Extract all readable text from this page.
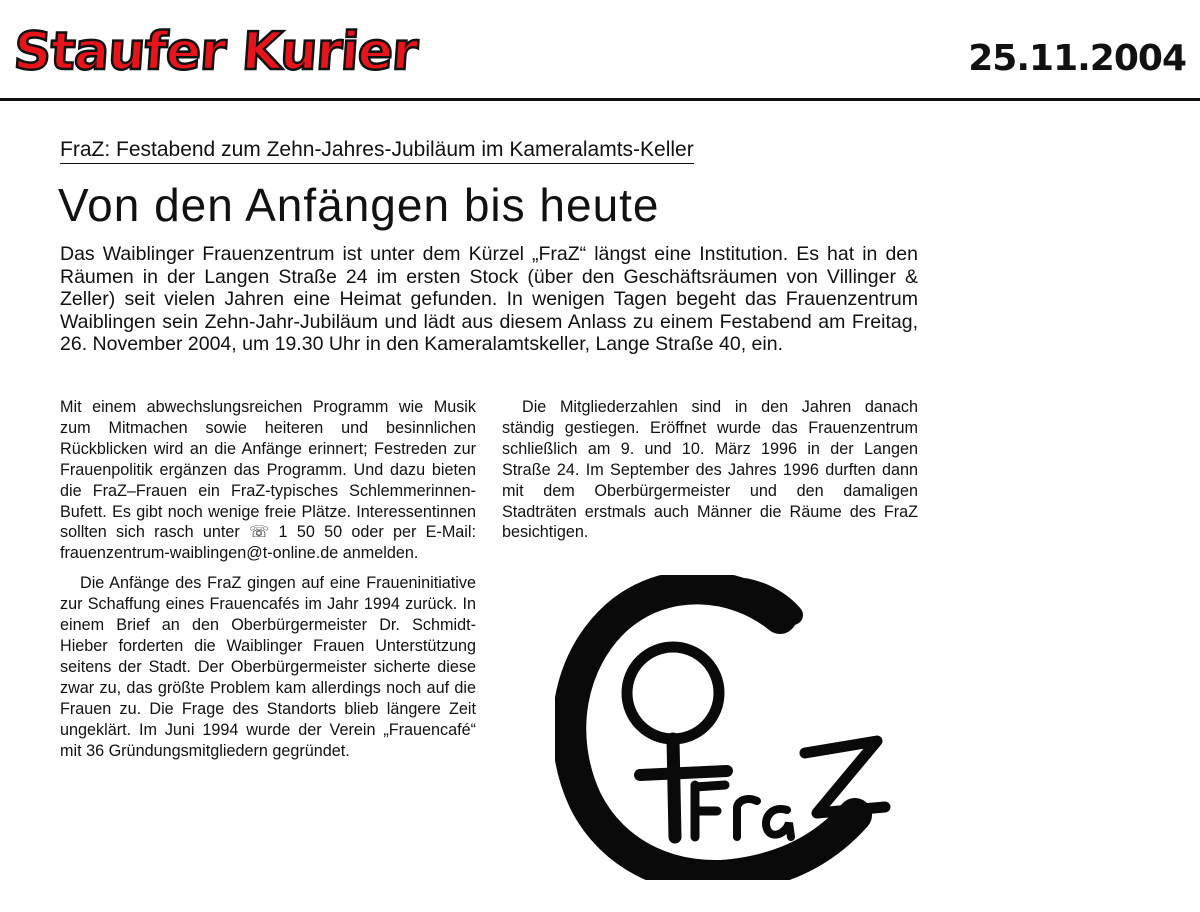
Staufer Kurier	25.11.2004
FraZ: Festabend zum Zehn-Jahres-Jubiläum im Kameralamts-Keller
Von den Anfängen bis heute
Das Waiblinger Frauenzentrum ist unter dem Kürzel „FraZ“ längst eine Institution. Es hat in den Räumen in der Langen Straße 24 im ersten Stock (über den Geschäftsräumen von Villinger & Zeller) seit vielen Jahren eine Heimat gefunden. In wenigen Tagen begeht das Frauenzentrum Waiblingen sein Zehn-Jahr-Jubiläum und lädt aus diesem Anlass zu einem Festabend am Freitag, 26. November 2004, um 19.30 Uhr in den Kameralamtskeller, Lange Straße 40, ein.

Mit einem abwechslungsreichen Programm wie Musik zum Mitmachen sowie heiteren und besinnlichen Rückblicken wird an die Anfänge erinnert; Festreden zur Frauenpolitik ergänzen das Programm. Und dazu bieten die FraZ–Frauen ein FraZ-typisches Schlemmerinnen-Bufett. Es gibt noch wenige freie Plätze. Interessentinnen sollten sich rasch unter ☏ 1 50 50 oder per E-Mail: frauenzentrum-waiblingen@t-online.de anmelden.

Die Anfänge des FraZ gingen auf eine Fraueninitiative zur Schaffung eines Frauencafés im Jahr 1994 zurück. In einem Brief an den Oberbürgermeister Dr. Schmidt-Hieber forderten die Waiblinger Frauen Unterstützung seitens der Stadt. Der Oberbürgermeister sicherte diese zwar zu, das größte Problem kam allerdings noch auf die Frauen zu. Die Frage des Standorts blieb längere Zeit ungeklärt. Im Juni 1994 wurde der Verein „Frauencafé“ mit 36 Gründungsmitgliedern gegründet.

Die Mitgliederzahlen sind in den Jahren danach ständig gestiegen. Eröffnet wurde das Frauenzentrum schließlich am 9. und 10. März 1996 in der Langen Straße 24. Im September des Jahres 1996 durften dann mit dem Oberbürgermeister und den damaligen Stadträten erstmals auch Männer die Räume des FraZ besichtigen.
